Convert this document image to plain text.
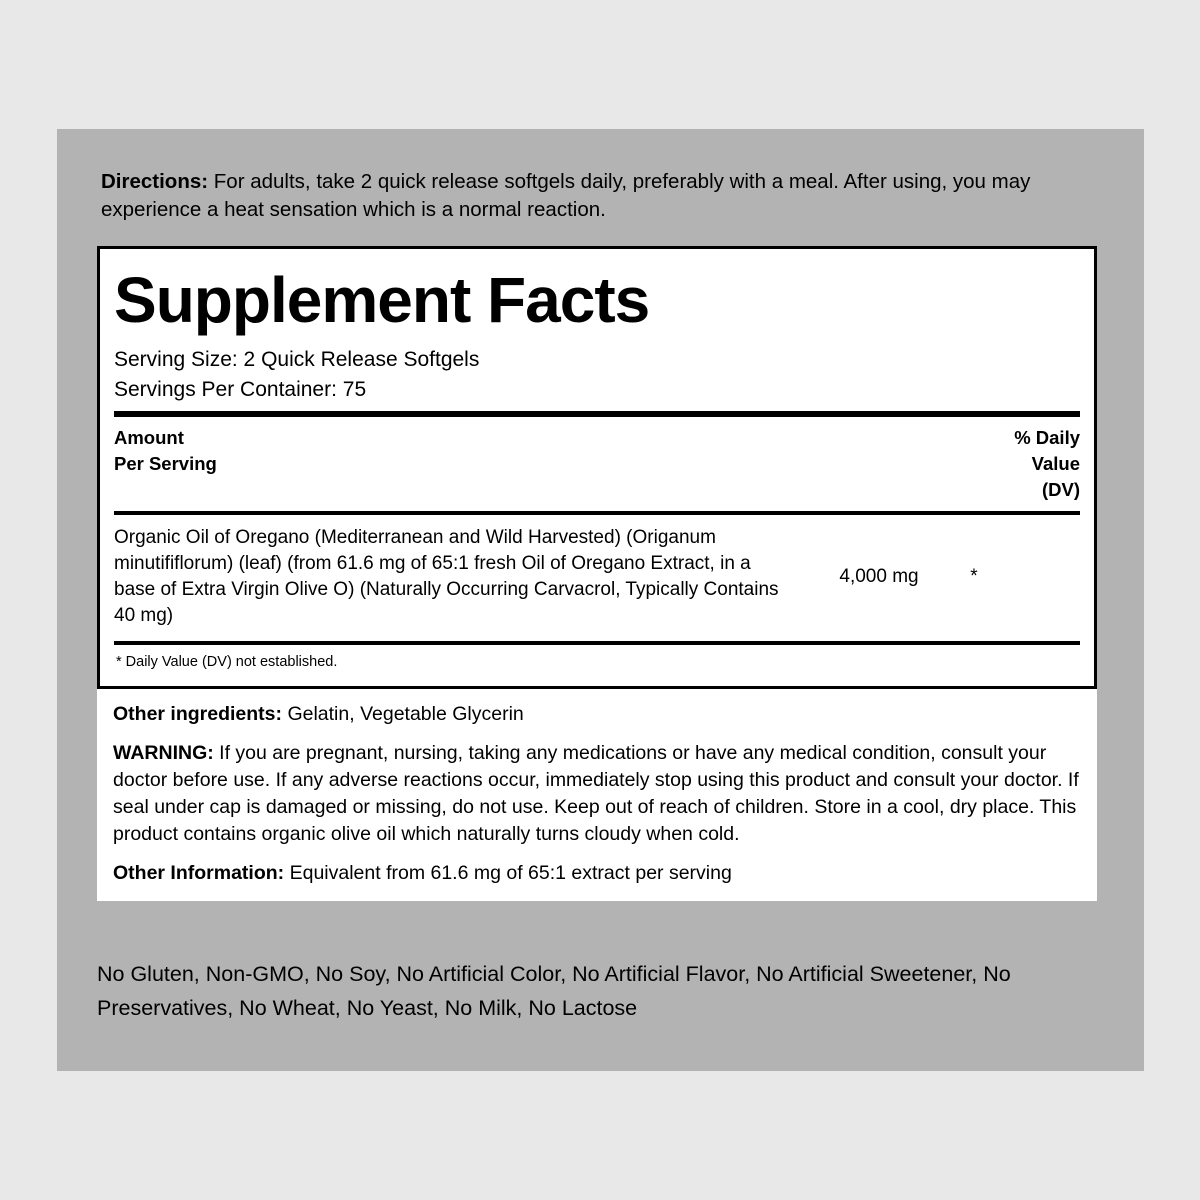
Directions: For adults, take 2 quick release softgels daily, preferably with a meal. After using, you may experience a heat sensation which is a normal reaction.
Supplement Facts
Serving Size: 2 Quick Release Softgels
Servings Per Container: 75
Amount
Per Serving
% Daily
Value
(DV)
Organic Oil of Oregano (Mediterranean and Wild Harvested) (Origanum minutififlorum) (leaf) (from 61.6 mg of 65:1 fresh Oil of Oregano Extract, in a base of Extra Virgin Olive O) (Naturally Occurring Carvacrol, Typically Contains 40 mg)
4,000 mg	*
* Daily Value (DV) not established.

Other ingredients: Gelatin, Vegetable Glycerin

WARNING: If you are pregnant, nursing, taking any medications or have any medical condition, consult your doctor before use. If any adverse reactions occur, immediately stop using this product and consult your doctor. If seal under cap is damaged or missing, do not use. Keep out of reach of children. Store in a cool, dry place. This product contains organic olive oil which naturally turns cloudy when cold.

Other Information: Equivalent from 61.6 mg of 65:1 extract per serving

No Gluten, Non-GMO, No Soy, No Artificial Color, No Artificial Flavor, No Artificial Sweetener, No Preservatives, No Wheat, No Yeast, No Milk, No Lactose
